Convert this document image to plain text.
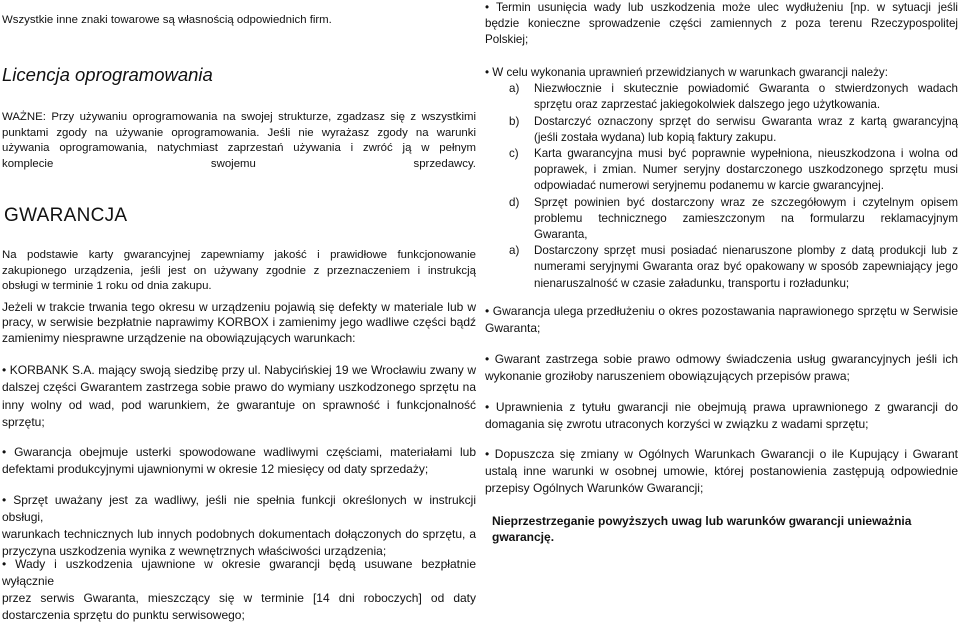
Wszystkie inne znaki towarowe są własnością odpowiednich firm.

Licencja oprogramowania

WAŻNE: Przy używaniu oprogramowania na swojej strukturze, zgadzasz się z wszystkimi

punktami zgody na używanie oprogramowania. Jeśli nie wyrażasz zgody na warunki

używania oprogramowania, natychmiast zaprzestań używania i zwróć ją w pełnym

komplecie	swojemu	sprzedawcy.
GWARANCJA

Na podstawie karty gwarancyjnej zapewniamy jakość i prawidłowe funkcjonowanie

zakupionego urządzenia, jeśli jest on używany zgodnie z przeznaczeniem i instrukcją

obsługi w terminie 1 roku od dnia zakupu.

Jeżeli w trakcie trwania tego okresu w urządzeniu pojawią się defekty w materiale lub w

pracy, w serwisie bezpłatnie naprawimy KORBOX i zamienimy jego wadliwe części bądź

zamienimy niesprawne urządzenie na obowiązujących warunkach:

• KORBANK S.A. mający swoją siedzibę przy ul. Nabycińskiej 19 we Wrocławiu zwany w

dalszej części Gwarantem zastrzega sobie prawo do wymiany uszkodzonego sprzętu na

inny wolny od wad, pod warunkiem, że gwarantuje on sprawność i funkcjonalność

sprzętu;

• Gwarancja obejmuje usterki spowodowane wadliwymi częściami, materiałami lub

defektami produkcyjnymi ujawnionymi w okresie 12 miesięcy od daty sprzedaży;

• Sprzęt uważany jest za wadliwy, jeśli nie spełnia funkcji określonych w instrukcji obsługi,

warunkach technicznych lub innych podobnych dokumentach dołączonych do sprzętu, a

przyczyna uszkodzenia wynika z wewnętrznych właściwości urządzenia;

• Wady i uszkodzenia ujawnione w okresie gwarancji będą usuwane bezpłatnie wyłącznie

przez serwis Gwaranta, mieszczący się w terminie [14 dni roboczych] od daty

dostarczenia sprzętu do punktu serwisowego;

• Termin usunięcia wady lub uszkodzenia może ulec wydłużeniu [np. w sytuacji jeśli

będzie konieczne sprowadzenie części zamiennych z poza terenu Rzeczypospolitej

Polskiej;

• W celu wykonania uprawnień przewidzianych w warunkach gwarancji należy:

a) Niezwłocznie i skutecznie powiadomić Gwaranta o stwierdzonych wadach

sprzętu oraz zaprzestać jakiegokolwiek dalszego jego użytkowania.

b) Dostarczyć oznaczony sprzęt do serwisu Gwaranta wraz z kartą gwarancyjną

(jeśli została wydana) lub kopią faktury zakupu.

c) Karta gwarancyjna musi być poprawnie wypełniona, nieuszkodzona i wolna od

poprawek, i zmian. Numer seryjny dostarczonego uszkodzonego sprzętu musi

odpowiadać numerowi seryjnemu podanemu w karcie gwarancyjnej.

d) Sprzęt powinien być dostarczony wraz ze szczegółowym i czytelnym opisem

problemu technicznego zamieszczonym na formularzu reklamacyjnym

Gwaranta,

a) Dostarczony sprzęt musi posiadać nienaruszone plomby z datą produkcji lub z

numerami seryjnymi Gwaranta oraz być opakowany w sposób zapewniający jego

nienaruszalność w czasie załadunku, transportu i rozładunku;

• Gwarancja ulega przedłużeniu o okres pozostawania naprawionego sprzętu w Serwisie

Gwaranta;

• Gwarant zastrzega sobie prawo odmowy świadczenia usług gwarancyjnych jeśli ich

wykonanie groziłoby naruszeniem obowiązujących przepisów prawa;

• Uprawnienia z tytułu gwarancji nie obejmują prawa uprawnionego z gwarancji do

domagania się zwrotu utraconych korzyści w związku z wadami sprzętu;

• Dopuszcza się zmiany w Ogólnych Warunkach Gwarancji o ile Kupujący i Gwarant

ustalą inne warunki w osobnej umowie, której postanowienia zastępują odpowiednie

przepisy Ogólnych Warunków Gwarancji;

Nieprzestrzeganie powyższych uwag lub warunków gwarancji unieważnia gwarancję.
